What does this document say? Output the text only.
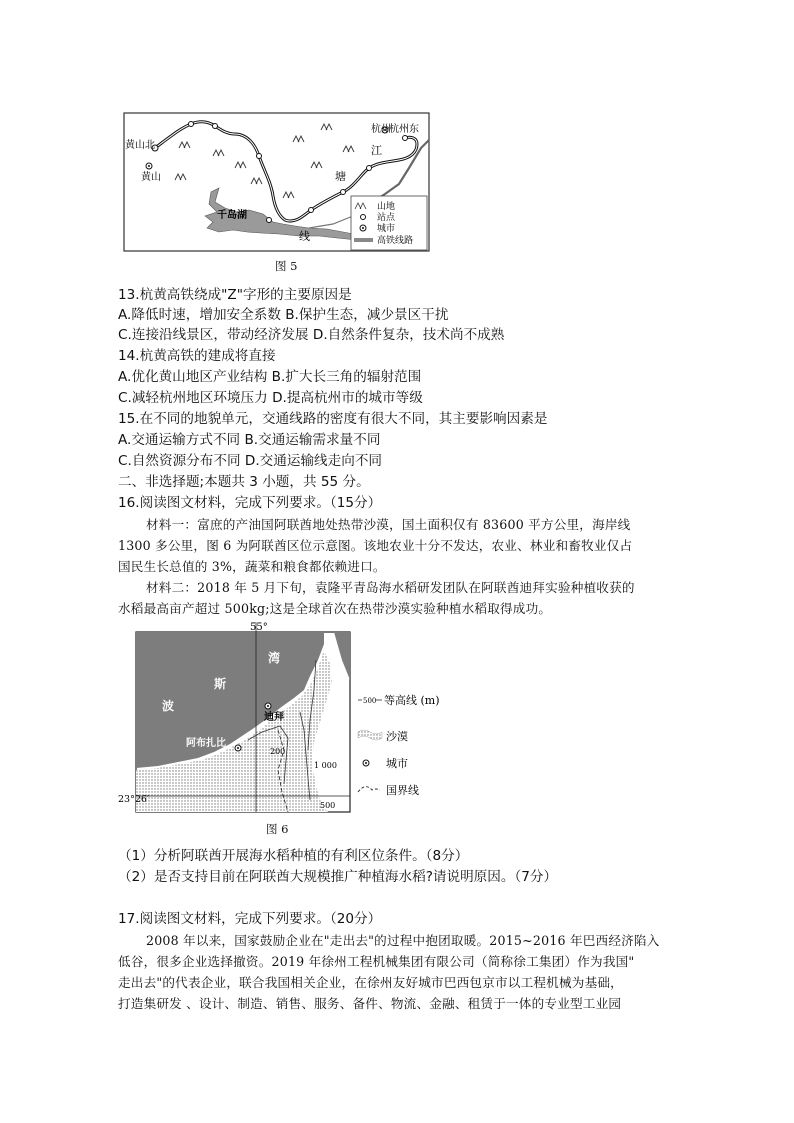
黄山北
黄山
杭州
杭州东
千岛湖
江
塘
线
山地
站点
城市
高铁线路
图 5
13.杭黄高铁绕成"Z"字形的主要原因是
A.降低时速，增加安全系数 B.保护生态，减少景区干扰
C.连接沿线景区，带动经济发展 D.自然条件复杂，技术尚不成熟
14.杭黄高铁的建成将直接
A.优化黄山地区产业结构 B.扩大长三角的辐射范围
C.减轻杭州地区环境压力 D.提高杭州市的城市等级
15.在不同的地貌单元，交通线路的密度有很大不同，其主要影响因素是
A.交通运输方式不同 B.交通运输需求量不同
C.自然资源分布不同 D.交通运输线走向不同
二、非选择题;本题共 3 小题，共 55 分。
16.阅读图文材料，完成下列要求。（15分）
材料一：富庶的产油国阿联酋地处热带沙漠，国土面积仅有 83600 平方公里，海岸线
1300 多公里，图 6 为阿联酋区位示意图。该地农业十分不发达，农业、林业和畜牧业仅占
国民生长总值的 3%，蔬菜和粮食都依赖进口。
材料二：2018 年 5 月下旬，袁隆平青岛海水稻研发团队在阿联酋迪拜实验种植收获的
水稻最高亩产超过 500kg;这是全球首次在热带沙漠实验种植水稻取得成功。
55°
湾
斯
波
迪拜
阿布扎比
200
1 000
500
23°26′
500 等高线 (m)
沙漠
城市
国界线
图 6
（1）分析阿联酋开展海水稻种植的有利区位条件。（8分）
（2）是否支持目前在阿联酋大规模推广种植海水稻?请说明原因。（7分）
17.阅读图文材料，完成下列要求。（20分）
2008 年以来，国家鼓励企业在"走出去"的过程中抱团取暖。2015~2016 年巴西经济陷入
低谷，很多企业选择撤资。2019 年徐州工程机械集团有限公司（简称徐工集团）作为我国"
走出去"的代表企业，联合我国相关企业，在徐州友好城市巴西包京市以工程机械为基础，
打造集研发 、设计、制造、销售、服务、备件、物流、金融、租赁于一体的专业型工业园
